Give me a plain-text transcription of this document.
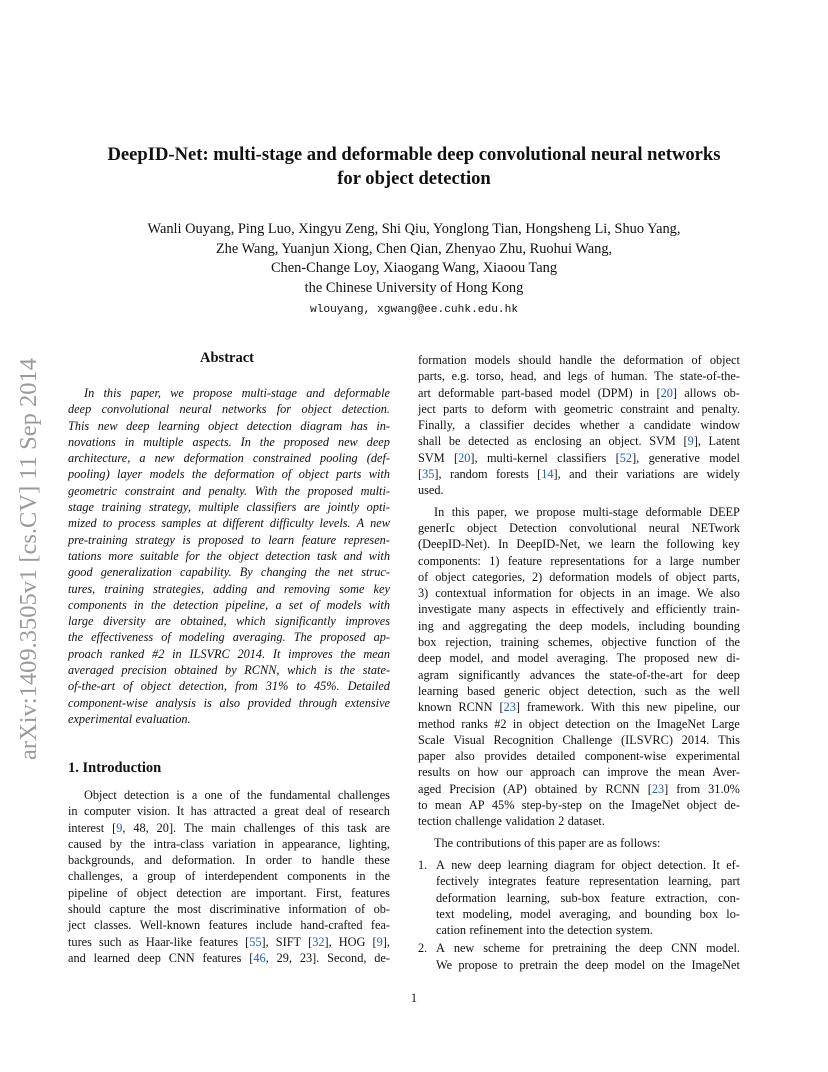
arXiv:1409.3505v1 [cs.CV] 11 Sep 2014
DeepID-Net: multi-stage and deformable deep convolutional neural networks
for object detection
Wanli Ouyang, Ping Luo, Xingyu Zeng, Shi Qiu, Yonglong Tian, Hongsheng Li, Shuo Yang,
Zhe Wang, Yuanjun Xiong, Chen Qian, Zhenyao Zhu, Ruohui Wang,
Chen-Change Loy, Xiaogang Wang, Xiaoou Tang
the Chinese University of Hong Kong
wlouyang, xgwang@ee.cuhk.edu.hk
Abstract
In this paper, we propose multi-stage and deformable
deep convolutional neural networks for object detection.
This new deep learning object detection diagram has in-
novations in multiple aspects. In the proposed new deep
architecture, a new deformation constrained pooling (def-
pooling) layer models the deformation of object parts with
geometric constraint and penalty. With the proposed multi-
stage training strategy, multiple classifiers are jointly opti-
mized to process samples at different difficulty levels. A new
pre-training strategy is proposed to learn feature represen-
tations more suitable for the object detection task and with
good generalization capability. By changing the net struc-
tures, training strategies, adding and removing some key
components in the detection pipeline, a set of models with
large diversity are obtained, which significantly improves
the effectiveness of modeling averaging. The proposed ap-
proach ranked #2 in ILSVRC 2014. It improves the mean
averaged precision obtained by RCNN, which is the state-
of-the-art of object detection, from 31% to 45%. Detailed
component-wise analysis is also provided through extensive
experimental evaluation.
1. Introduction
Object detection is a one of the fundamental challenges
in computer vision. It has attracted a great deal of research
interest [9, 48, 20]. The main challenges of this task are
caused by the intra-class variation in appearance, lighting,
backgrounds, and deformation. In order to handle these
challenges, a group of interdependent components in the
pipeline of object detection are important. First, features
should capture the most discriminative information of ob-
ject classes. Well-known features include hand-crafted fea-
tures such as Haar-like features [55], SIFT [32], HOG [9],
and learned deep CNN features [46, 29, 23]. Second, de-
formation models should handle the deformation of object
parts, e.g. torso, head, and legs of human. The state-of-the-
art deformable part-based model (DPM) in [20] allows ob-
ject parts to deform with geometric constraint and penalty.
Finally, a classifier decides whether a candidate window
shall be detected as enclosing an object. SVM [9], Latent
SVM [20], multi-kernel classifiers [52], generative model
[35], random forests [14], and their variations are widely
used.
In this paper, we propose multi-stage deformable DEEP
generIc object Detection convolutional neural NETwork
(DeepID-Net). In DeepID-Net, we learn the following key
components: 1) feature representations for a large number
of object categories, 2) deformation models of object parts,
3) contextual information for objects in an image. We also
investigate many aspects in effectively and efficiently train-
ing and aggregating the deep models, including bounding
box rejection, training schemes, objective function of the
deep model, and model averaging. The proposed new di-
agram significantly advances the state-of-the-art for deep
learning based generic object detection, such as the well
known RCNN [23] framework. With this new pipeline, our
method ranks #2 in object detection on the ImageNet Large
Scale Visual Recognition Challenge (ILSVRC) 2014. This
paper also provides detailed component-wise experimental
results on how our approach can improve the mean Aver-
aged Precision (AP) obtained by RCNN [23] from 31.0%
to mean AP 45% step-by-step on the ImageNet object de-
tection challenge validation 2 dataset.
The contributions of this paper are as follows:
1. A new deep learning diagram for object detection. It ef-
fectively integrates feature representation learning, part
deformation learning, sub-box feature extraction, con-
text modeling, model averaging, and bounding box lo-
cation refinement into the detection system.
2. A new scheme for pretraining the deep CNN model.
We propose to pretrain the deep model on the ImageNet
1
